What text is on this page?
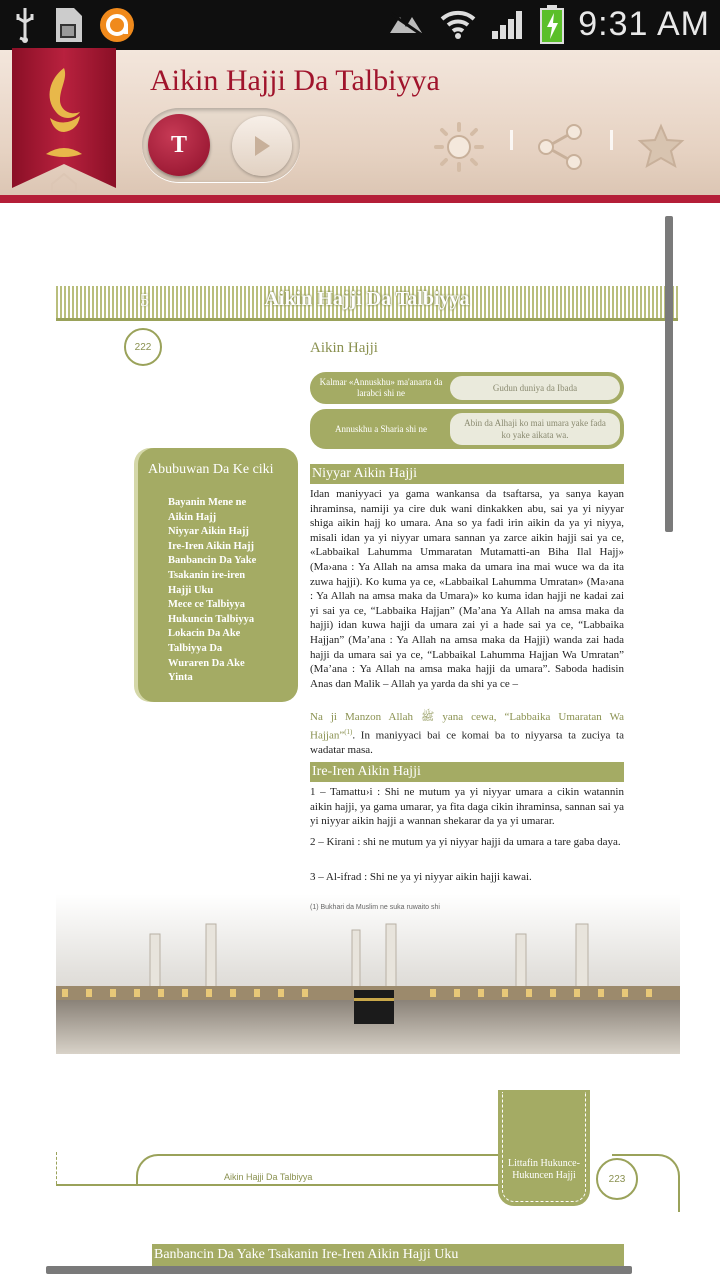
9:31 AM
Aikin Hajji Da Talbiyya
T
5	Aikin Hajji Da Talbiyya
222	Aikin Hajji
Kalmar «Annuskhu» ma'anarta da larabci shi ne	Gudun duniya da Ibada
Annuskhu a Sharia shi ne
Abin da Alhaji ko mai umara yake fada ko yake aikata wa.
Abubuwan Da Ke ciki
Bayanin Mene ne
Aikin Hajj
Niyyar Aikin Hajj
Ire-Iren Aikin Hajj
Banbancin Da Yake
Tsakanin ire-iren
Hajji Uku
Mece ce Talbiyya
Hukuncin Talbiyya
Lokacin Da Ake
Talbiyya Da
Wuraren Da Ake
Yinta
Niyyar Aikin Hajji
Idan maniyyaci ya gama wankansa da tsaftarsa, ya sanya kayan ihraminsa, namiji ya cire duk wani dinkakken abu, sai ya yi niyyar shiga aikin hajj ko umara. Ana so ya fadi irin aikin da ya yi niyya, misali idan ya yi niyyar umara sannan ya zarce aikin hajji sai ya ce, «Labbaikal Lahumma Ummaratan Mutamatti-an Biha Ilal Hajj» (Ma›ana : Ya Allah na amsa maka da umara ina mai wuce wa da ita zuwa hajji). Ko kuma ya ce, «Labbaikal Lahumma Umratan» (Ma›ana : Ya Allah na amsa maka da Umara)» ko kuma idan hajji ne kadai zai yi sai ya ce, “Labbaika Hajjan” (Ma’ana Ya Allah na amsa maka da hajji) idan kuwa hajji da umara zai yi a hade sai ya ce, “Labbaika Hajjan” (Ma’ana : Ya Allah na amsa maka da Hajji) wanda zai hada hajji da umara sai ya ce, “Labbaikal Lahumma Hajjan Wa Umratan” (Ma’ana : Ya Allah na amsa maka hajji da umara”. Saboda hadisin Anas dan Malik – Allah ya yarda da shi ya ce –
Na ji Manzon Allah ﷺ yana cewa, “Labbaika Umaratan Wa Hajjan”$^{(1)}$. In maniyyaci bai ce komai ba to niyyarsa ta zuciya ta wadatar masa.
Ire-Iren Aikin Hajji
1 – Tamattu›i : Shi ne mutum ya yi niyyar umara a cikin watannin aikin hajji, ya gama umarar, ya fita daga cikin ihraminsa, sannan sai ya yi niyyar aikin hajji a wannan shekarar da ya yi umarar.
2 – Kirani : shi ne mutum ya yi niyyar hajji da umara a tare gaba daya.
3 – Al-ifrad : Shi ne ya yi niyyar aikin hajji kawai.
(1) Bukhari da Muslim ne suka ruwaito shi
Aikin Hajji Da Talbiyya
Littafin Hukunce-Hukuncen Hajji	223
Banbancin Da Yake Tsakanin Ire-Iren Aikin Hajji Uku
